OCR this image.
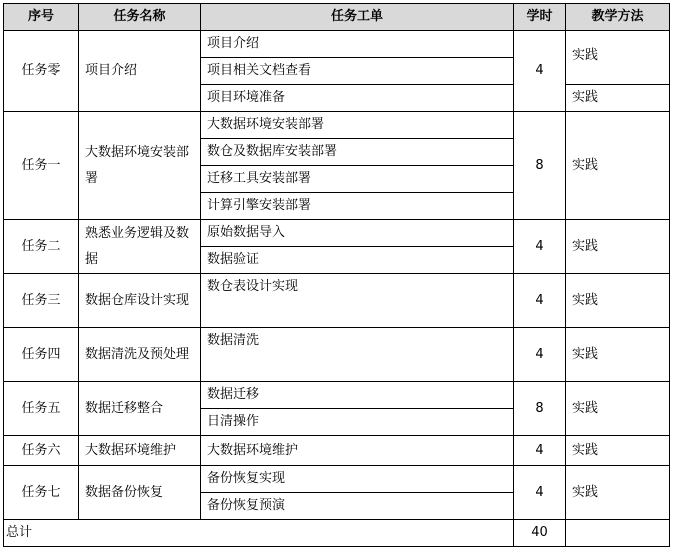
序号	任务名称	任务工单	学时	教学方法
任务零	项目介绍	项目介绍	4	实践
		项目相关文档查看		
		项目环境准备		实践
任务一	大数据环境安装部署	大数据环境安装部署	8	实践
		数仓及数据库安装部署		
		迁移工具安装部署		
		计算引擎安装部署		
任务二	熟悉业务逻辑及数据	原始数据导入	4	实践
		数据验证		
任务三	数据仓库设计实现	数仓表设计实现	4	实践
任务四	数据清洗及预处理	数据清洗	4	实践
任务五	数据迁移整合	数据迁移	8	实践
		日清操作		
任务六	大数据环境维护	大数据环境维护	4	实践
任务七	数据备份恢复	备份恢复实现	4	实践
		备份恢复预演		
总计			40	
